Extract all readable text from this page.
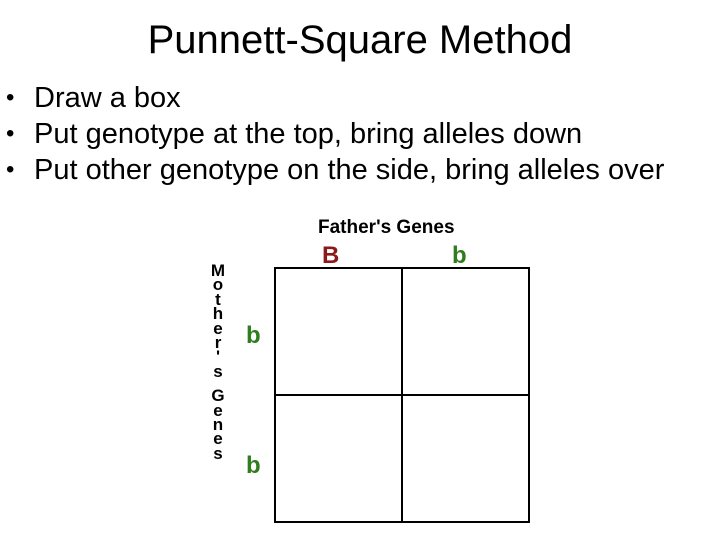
Punnett-Square Method
• Draw a box
• Put genotype at the top, bring alleles down
• Put other genotype on the side, bring alleles over
Father's Genes
B	b
M
o
t
h
e
r
'
s
G
e
n
e
s
b
b
